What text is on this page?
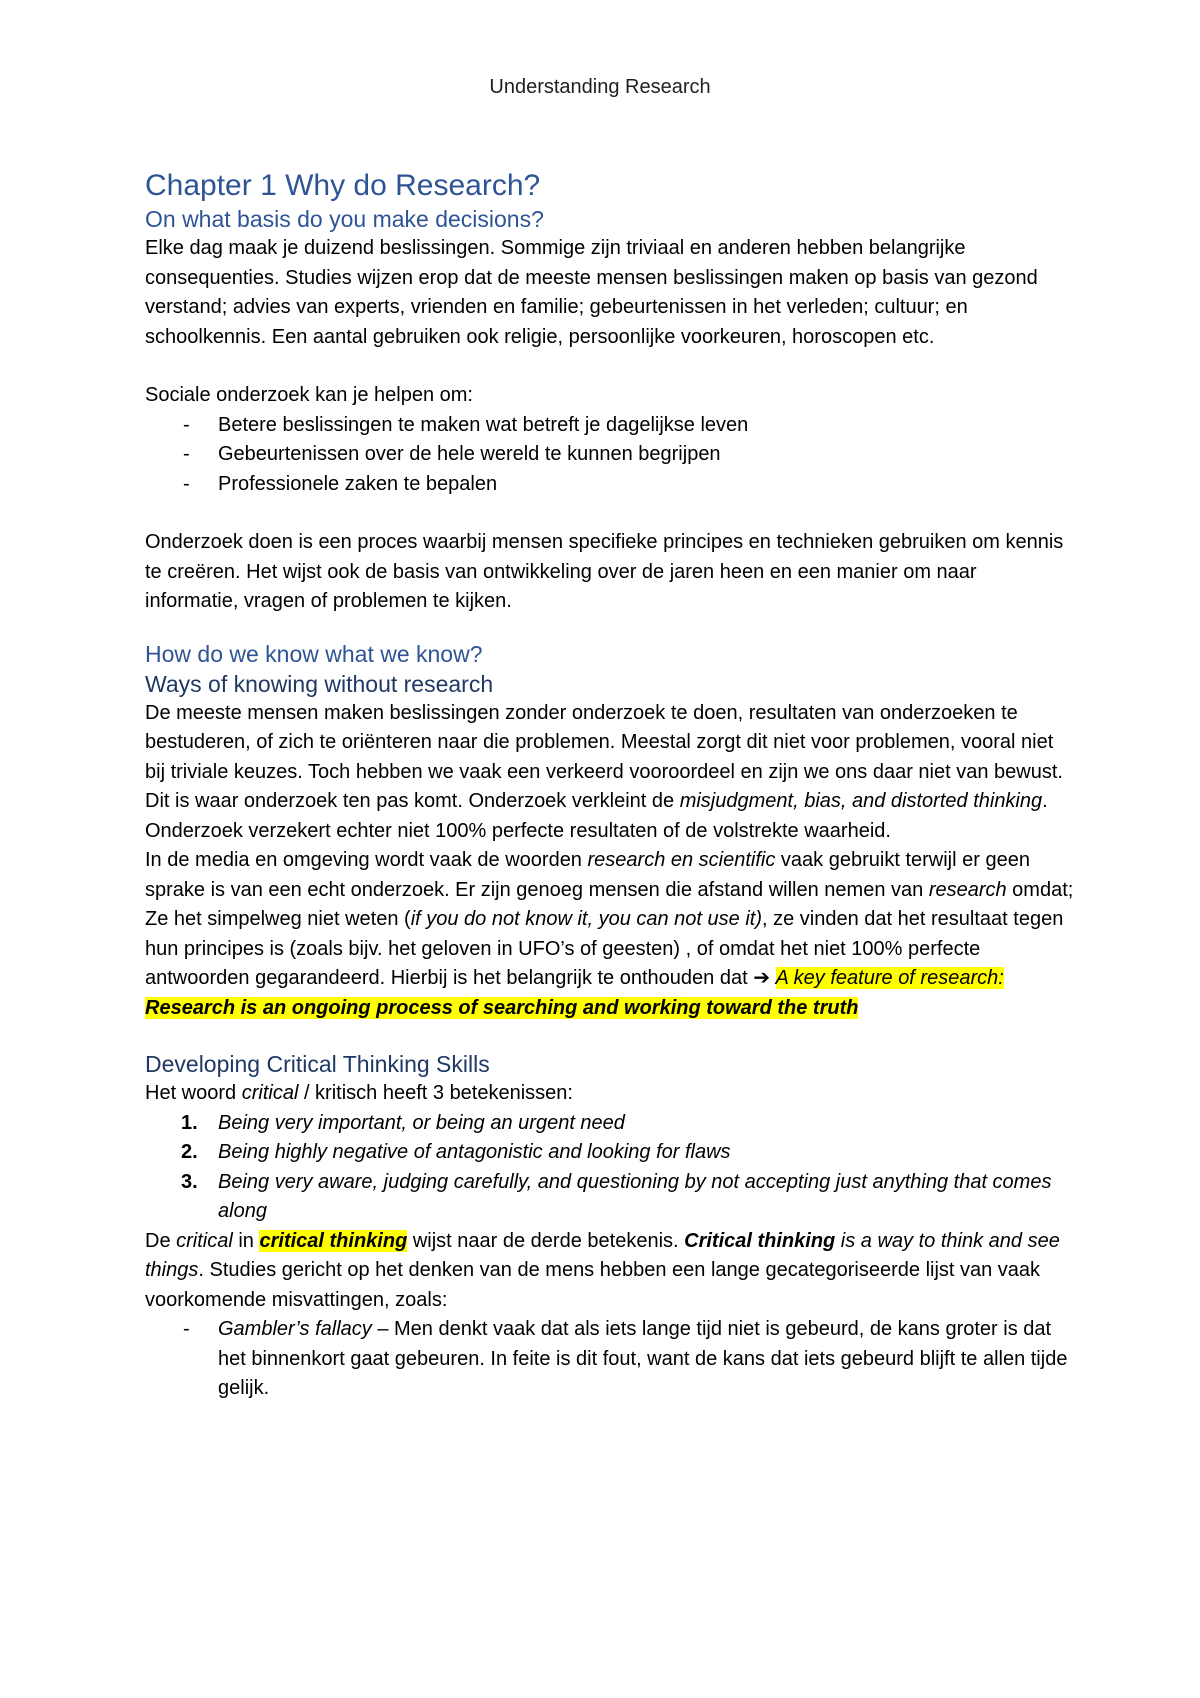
Understanding Research
Chapter 1 Why do Research?
On what basis do you make decisions?

Elke dag maak je duizend beslissingen. Sommige zijn triviaal en anderen hebben belangrijke consequenties. Studies wijzen erop dat de meeste mensen beslissingen maken op basis van gezond verstand; advies van experts, vrienden en familie; gebeurtenissen in het verleden; cultuur; en schoolkennis. Een aantal gebruiken ook religie, persoonlijke voorkeuren, horoscopen etc.

Sociale onderzoek kan je helpen om:

- Betere beslissingen te maken wat betreft je dagelijkse leven
- Gebeurtenissen over de hele wereld te kunnen begrijpen
- Professionele zaken te bepalen

Onderzoek doen is een proces waarbij mensen specifieke principes en technieken gebruiken om kennis te creëren. Het wijst ook de basis van ontwikkeling over de jaren heen en een manier om naar informatie, vragen of problemen te kijken.

How do we know what we know?
Ways of knowing without research

De meeste mensen maken beslissingen zonder onderzoek te doen, resultaten van onderzoeken te bestuderen, of zich te oriënteren naar die problemen. Meestal zorgt dit niet voor problemen, vooral niet bij triviale keuzes. Toch hebben we vaak een verkeerd vooroordeel en zijn we ons daar niet van bewust. Dit is waar onderzoek ten pas komt. Onderzoek verkleint de misjudgment, bias, and distorted thinking. Onderzoek verzekert echter niet 100% perfecte resultaten of de volstrekte waarheid.

In de media en omgeving wordt vaak de woorden research en scientific vaak gebruikt terwijl er geen sprake is van een echt onderzoek. Er zijn genoeg mensen die afstand willen nemen van research omdat; Ze het simpelweg niet weten (if you do not know it, you can not use it), ze vinden dat het resultaat tegen hun principes is (zoals bijv. het geloven in UFO’s of geesten) , of omdat het niet 100% perfecte antwoorden gegarandeerd. Hierbij is het belangrijk te onthouden dat ➔ A key feature of research: Research is an ongoing process of searching and working toward the truth

Developing Critical Thinking Skills

Het woord critical / kritisch heeft 3 betekenissen:

1. Being very important, or being an urgent need
2. Being highly negative of antagonistic and looking for flaws
3. Being very aware, judging carefully, and questioning by not accepting just anything that comes along

De critical in critical thinking wijst naar de derde betekenis. Critical thinking is a way to think and see things. Studies gericht op het denken van de mens hebben een lange gecategoriseerde lijst van vaak voorkomende misvattingen, zoals:

- Gambler’s fallacy – Men denkt vaak dat als iets lange tijd niet is gebeurd, de kans groter is dat het binnenkort gaat gebeuren. In feite is dit fout, want de kans dat iets gebeurd blijft te allen tijde gelijk.
